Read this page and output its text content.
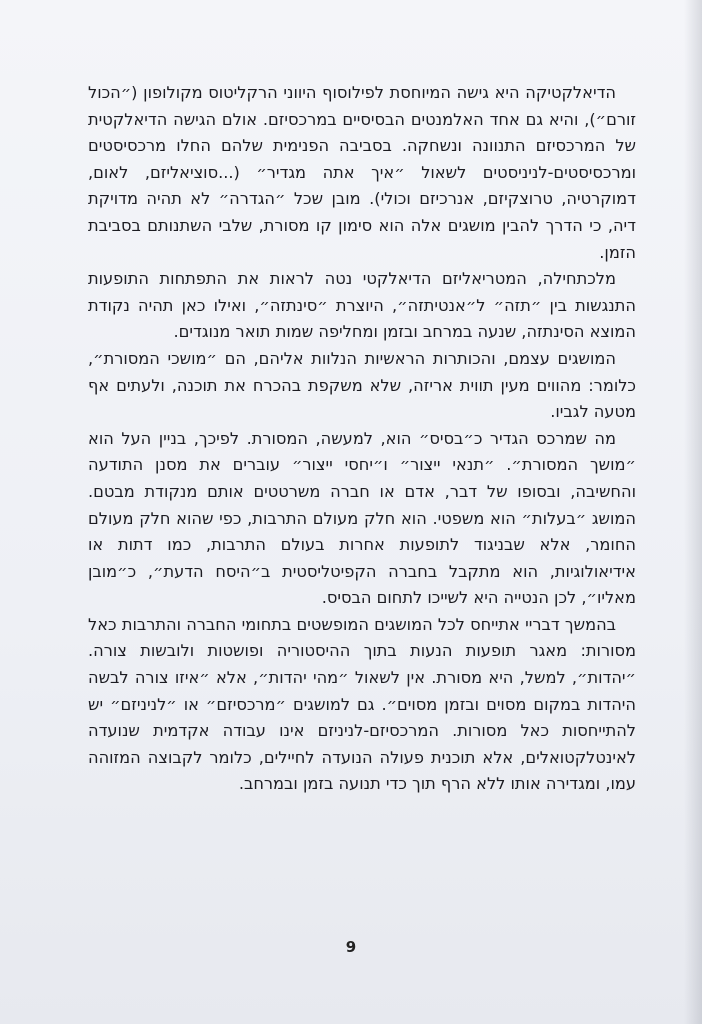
הדיאלקטיקה היא גישה המיוחסת לפילוסוף היווני הרקליטוס מקולופון (״הכול זורם״), והיא גם אחד האלמנטים הבסיסיים במרכסיזם. אולם הגישה הדיאלקטית של המרכסיזם התנוונה ונשחקה. בסביבה הפנימית שלהם החלו מרכסיסטים ומרכסיסטים-לניניסטים לשאול ״איך אתה מגדיר״ (...סוציאליזם, לאום, דמוקרטיה, טרוצקיזם, אנרכיזם וכולי). מובן שכל ״הגדרה״ לא תהיה מדויקת דיה, כי הדרך להבין מושגים אלה הוא סימון קו מסורת, שלבי השתנותם בסביבת הזמן.

מלכתחילה, המטריאליזם הדיאלקטי נטה לראות את התפתחות התופעות התנגשות בין ״תזה״ ל״אנטיתזה״, היוצרת ״סינתזה״, ואילו כאן תהיה נקודת המוצא הסינתזה, שנעה במרחב ובזמן ומחליפה שמות תואר מנוגדים.

המושגים עצמם, והכותרות הראשיות הנלוות אליהם, הם ״מושכי המסורת״, כלומר: מהווים מעין תווית אריזה, שלא משקפת בהכרח את תוכנה, ולעתים אף מטעה לגביו.

מה שמרכס הגדיר כ״בסיס״ הוא, למעשה, המסורת. לפיכך, בניין העל הוא ״מושך המסורת״. ״תנאי ייצור״ ו״יחסי ייצור״ עוברים את מסנן התודעה והחשיבה, ובסופו של דבר, אדם או חברה משרטטים אותם מנקודת מבטם. המושג ״בעלות״ הוא משפטי. הוא חלק מעולם התרבות, כפי שהוא חלק מעולם החומר, אלא שבניגוד לתופעות אחרות בעולם התרבות, כמו דתות או אידיאולוגיות, הוא מתקבל בחברה הקפיטליסטית ב״היסח הדעת״, כ״מובן מאליו״, לכן הנטייה היא לשייכו לתחום הבסיס.

בהמשך דבריי אתייחס לכל המושגים המופשטים בתחומי החברה והתרבות כאל מסורות: מאגר תופעות הנעות בתוך ההיסטוריה ופושטות ולובשות צורה. ״יהדות״, למשל, היא מסורת. אין לשאול ״מהי יהדות״, אלא ״איזו צורה לבשה היהדות במקום מסוים ובזמן מסוים״. גם למושגים ״מרכסיזם״ או ״לניניזם״ יש להתייחסות כאל מסורות. המרכסיזם-לניניזם אינו עבודה אקדמית שנועדה לאינטלקטואלים, אלא תוכנית פעולה הנועדה לחיילים, כלומר לקבוצה המזוהה עמו, ומגדירה אותו ללא הרף תוך כדי תנועה בזמן ובמרחב.

9
